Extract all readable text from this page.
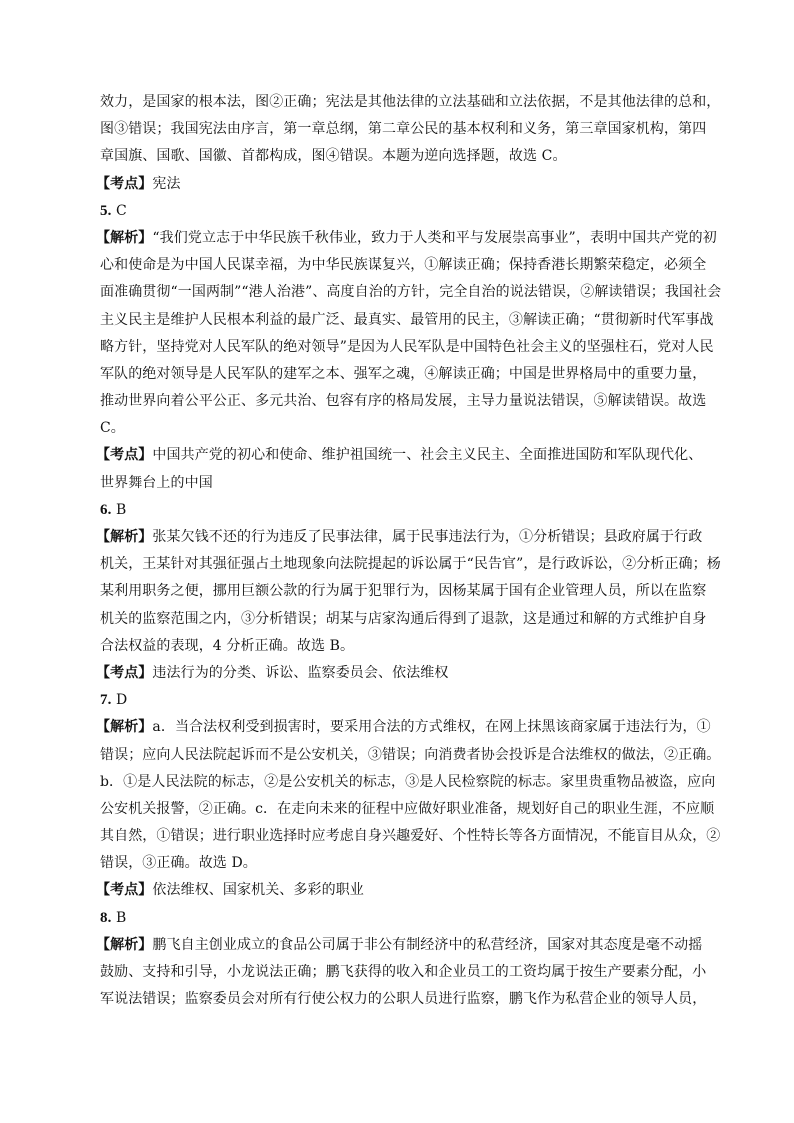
效力，是国家的根本法，图②正确；宪法是其他法律的立法基础和立法依据，不是其他法律的总和，
图③错误；我国宪法由序言，第一章总纲，第二章公民的基本权利和义务，第三章国家机构，第四
章国旗、国歌、国徽、首都构成，图④错误。本题为逆向选择题，故选 C。
【考点】宪法
5. C
【解析】“我们党立志于中华民族千秋伟业，致力于人类和平与发展崇高事业”，表明中国共产党的初
心和使命是为中国人民谋幸福，为中华民族谋复兴，①解读正确；保持香港长期繁荣稳定，必须全
面准确贯彻“一国两制”“港人治港”、高度自治的方针，完全自治的说法错误，②解读错误；我国社会
主义民主是维护人民根本利益的最广泛、最真实、最管用的民主，③解读正确；“贯彻新时代军事战
略方针，坚持党对人民军队的绝对领导”是因为人民军队是中国特色社会主义的坚强柱石，党对人民
军队的绝对领导是人民军队的建军之本、强军之魂，④解读正确；中国是世界格局中的重要力量，
推动世界向着公平公正、多元共治、包容有序的格局发展，主导力量说法错误，⑤解读错误。故选
C。
【考点】中国共产党的初心和使命、维护祖国统一、社会主义民主、全面推进国防和军队现代化、
世界舞台上的中国
6. B
【解析】张某欠钱不还的行为违反了民事法律，属于民事违法行为，①分析错误；县政府属于行政
机关，王某针对其强征强占土地现象向法院提起的诉讼属于“民告官”，是行政诉讼，②分析正确；杨
某利用职务之便，挪用巨额公款的行为属于犯罪行为，因杨某属于国有企业管理人员，所以在监察
机关的监察范围之内，③分析错误；胡某与店家沟通后得到了退款，这是通过和解的方式维护自身
合法权益的表现，4 分析正确。故选 B。
【考点】违法行为的分类、诉讼、监察委员会、依法维权
7. D
【解析】a．当合法权利受到损害时，要采用合法的方式维权，在网上抹黑该商家属于违法行为，①
错误；应向人民法院起诉而不是公安机关，③错误；向消费者协会投诉是合法维权的做法，②正确。
b．①是人民法院的标志，②是公安机关的标志，③是人民检察院的标志。家里贵重物品被盗，应向
公安机关报警，②正确。c．在走向未来的征程中应做好职业准备，规划好自己的职业生涯，不应顺
其自然，①错误；进行职业选择时应考虑自身兴趣爱好、个性特长等各方面情况，不能盲目从众，②
错误，③正确。故选 D。
【考点】依法维权、国家机关、多彩的职业
8. B
【解析】鹏飞自主创业成立的食品公司属于非公有制经济中的私营经济，国家对其态度是毫不动摇
鼓励、支持和引导，小龙说法正确；鹏飞获得的收入和企业员工的工资均属于按生产要素分配，小
军说法错误；监察委员会对所有行使公权力的公职人员进行监察，鹏飞作为私营企业的领导人员，
